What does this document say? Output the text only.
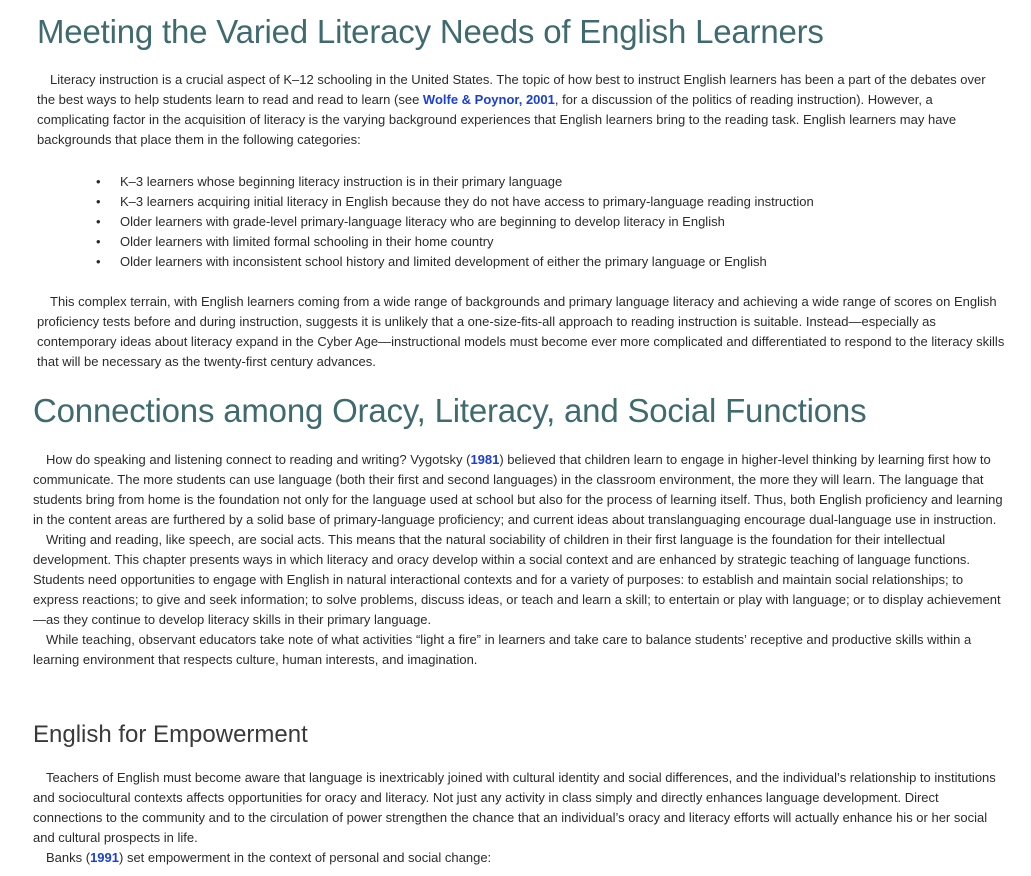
Meeting the Varied Literacy Needs of English Learners

Literacy instruction is a crucial aspect of K–12 schooling in the United States. The topic of how best to instruct English learners has been a part of the debates over the best ways to help students learn to read and read to learn (see Wolfe & Poynor, 2001, for a discussion of the politics of reading instruction). However, a complicating factor in the acquisition of literacy is the varying background experiences that English learners bring to the reading task. English learners may have backgrounds that place them in the following categories:

• K–3 learners whose beginning literacy instruction is in their primary language
• K–3 learners acquiring initial literacy in English because they do not have access to primary-language reading instruction
• Older learners with grade-level primary-language literacy who are beginning to develop literacy in English
• Older learners with limited formal schooling in their home country
• Older learners with inconsistent school history and limited development of either the primary language or English

This complex terrain, with English learners coming from a wide range of backgrounds and primary language literacy and achieving a wide range of scores on English proficiency tests before and during instruction, suggests it is unlikely that a one-size-fits-all approach to reading instruction is suitable. Instead—especially as contemporary ideas about literacy expand in the Cyber Age—instructional models must become ever more complicated and differentiated to respond to the literacy skills that will be necessary as the twenty-first century advances.

Connections among Oracy, Literacy, and Social Functions

How do speaking and listening connect to reading and writing? Vygotsky (1981) believed that children learn to engage in higher-level thinking by learning first how to communicate. The more students can use language (both their first and second languages) in the classroom environment, the more they will learn. The language that students bring from home is the foundation not only for the language used at school but also for the process of learning itself. Thus, both English proficiency and learning in the content areas are furthered by a solid base of primary-language proficiency; and current ideas about translanguaging encourage dual-language use in instruction.

Writing and reading, like speech, are social acts. This means that the natural sociability of children in their first language is the foundation for their intellectual development. This chapter presents ways in which literacy and oracy develop within a social context and are enhanced by strategic teaching of language functions. Students need opportunities to engage with English in natural interactional contexts and for a variety of purposes: to establish and maintain social relationships; to express reactions; to give and seek information; to solve problems, discuss ideas, or teach and learn a skill; to entertain or play with language; or to display achievement—as they continue to develop literacy skills in their primary language.

While teaching, observant educators take note of what activities “light a fire” in learners and take care to balance students’ receptive and productive skills within a learning environment that respects culture, human interests, and imagination.

English for Empowerment

Teachers of English must become aware that language is inextricably joined with cultural identity and social differences, and the individual’s relationship to institutions and sociocultural contexts affects opportunities for oracy and literacy. Not just any activity in class simply and directly enhances language development. Direct connections to the community and to the circulation of power strengthen the chance that an individual’s oracy and literacy efforts will actually enhance his or her social and cultural prospects in life.

Banks (1991) set empowerment in the context of personal and social change:
